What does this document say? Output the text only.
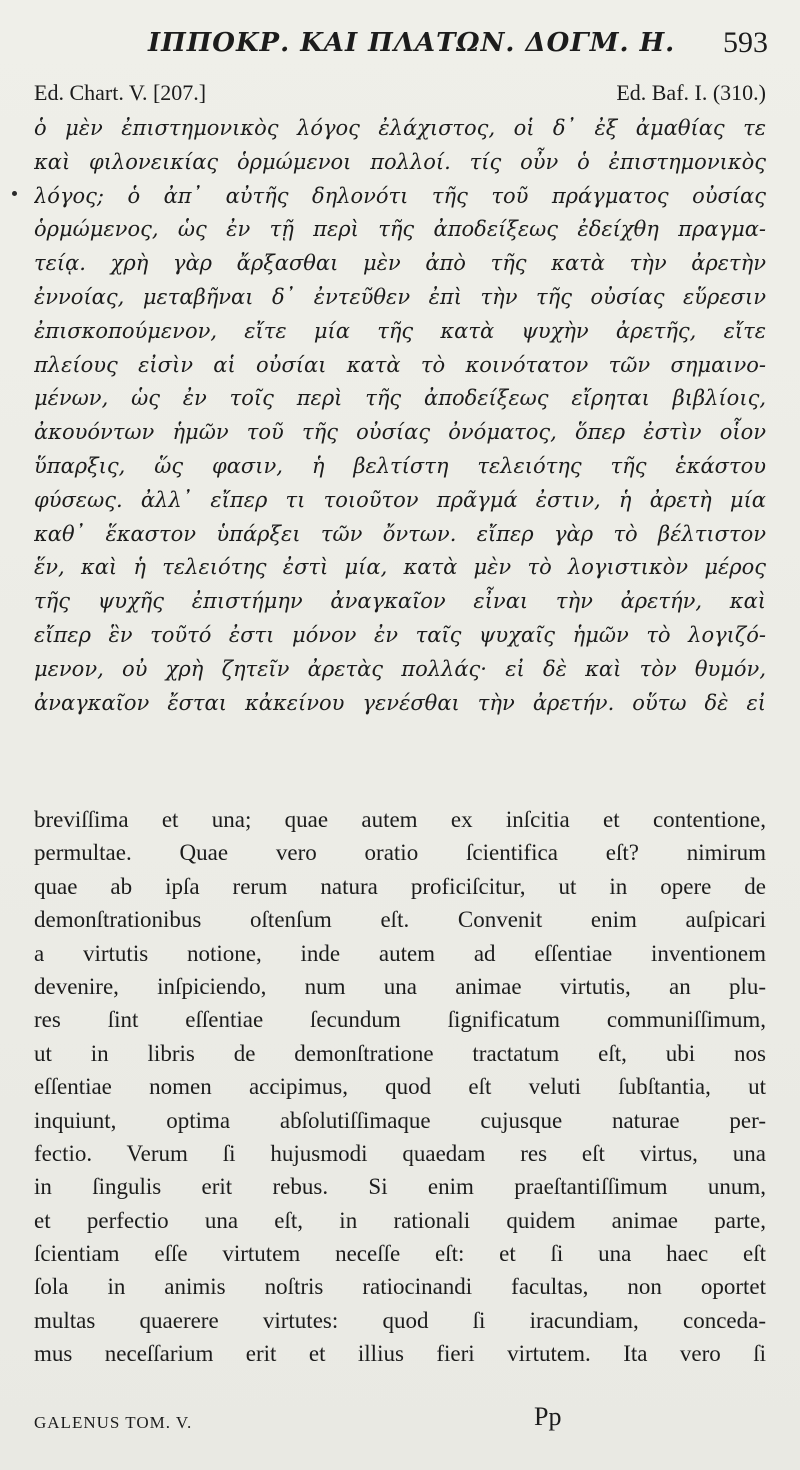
ΙΠΠΟΚΡ. ΚΑΙ ΠΛΑΤΩΝ. ΔΟΓΜ. Η. 593
Ed. Chart. V. [207.]	Ed. Baf. I. (310.)
ὁ μὲν ἐπιστημονικὸς λόγος ἐλάχιστος, οἱ δ᾽ ἐξ ἀμαθίας τε
καὶ φιλονεικίας ὁρμώμενοι πολλοί. τίς οὖν ὁ ἐπιστημονικὸς
λόγος; ὁ ἀπ᾽ αὐτῆς δηλονότι τῆς τοῦ πράγματος οὐσίας
ὁρμώμενος, ὡς ἐν τῇ περὶ τῆς ἀποδείξεως ἐδείχθη πραγμα-
τείᾳ. χρὴ γὰρ ἄρξασθαι μὲν ἀπὸ τῆς κατὰ τὴν ἀρετὴν
ἐννοίας, μεταβῆναι δ᾽ ἐντεῦθεν ἐπὶ τὴν τῆς οὐσίας εὕρεσιν
ἐπισκοπούμενον, εἴτε μία τῆς κατὰ ψυχὴν ἀρετῆς, εἴτε
πλείους εἰσὶν αἱ οὐσίαι κατὰ τὸ κοινότατον τῶν σημαινο-
μένων, ὡς ἐν τοῖς περὶ τῆς ἀποδείξεως εἴρηται βιβλίοις,
ἀκουόντων ἡμῶν τοῦ τῆς οὐσίας ὀνόματος, ὅπερ ἐστὶν οἷον
ὕπαρξις, ὥς φασιν, ἡ βελτίστη τελειότης τῆς ἑκάστου
φύσεως. ἀλλ᾽ εἴπερ τι τοιοῦτον πρᾶγμά ἐστιν, ἡ ἀρετὴ μία
καθ᾽ ἕκαστον ὑπάρξει τῶν ὄντων. εἴπερ γὰρ τὸ βέλτιστον
ἕν, καὶ ἡ τελειότης ἐστὶ μία, κατὰ μὲν τὸ λογιστικὸν μέρος
τῆς ψυχῆς ἐπιστήμην ἀναγκαῖον εἶναι τὴν ἀρετήν, καὶ
εἴπερ ἓν τοῦτό ἐστι μόνον ἐν ταῖς ψυχαῖς ἡμῶν τὸ λογιζό-
μενον, οὐ χρὴ ζητεῖν ἀρετὰς πολλάς· εἰ δὲ καὶ τὸν θυμόν,
ἀναγκαῖον ἔσται κἀκείνου γενέσθαι τὴν ἀρετήν. οὕτω δὲ εἰ
breviſſima et una; quae autem ex inſcitia et contentione,
permultae. Quae vero oratio ſcientifica eſt? nimirum
quae ab ipſa rerum natura proficiſcitur, ut in opere de
demonſtrationibus oſtenſum eſt. Convenit enim auſpicari
a virtutis notione, inde autem ad eſſentiae inventionem
devenire, inſpiciendo, num una animae virtutis, an plu-
res ſint eſſentiae ſecundum ſignificatum communiſſimum,
ut in libris de demonſtratione tractatum eſt, ubi nos
eſſentiae nomen accipimus, quod eſt veluti ſubſtantia, ut
inquiunt, optima abſolutiſſimaque cujusque naturae per-
fectio. Verum ſi hujusmodi quaedam res eſt virtus, una
in ſingulis erit rebus. Si enim praeſtantiſſimum unum,
et perfectio una eſt, in rationali quidem animae parte,
ſcientiam eſſe virtutem neceſſe eſt: et ſi una haec eſt
ſola in animis noſtris ratiocinandi facultas, non oportet
multas quaerere virtutes: quod ſi iracundiam, conceda-
mus neceſſarium erit et illius fieri virtutem. Ita vero ſi
GALENUS TOM. V.	Pp
